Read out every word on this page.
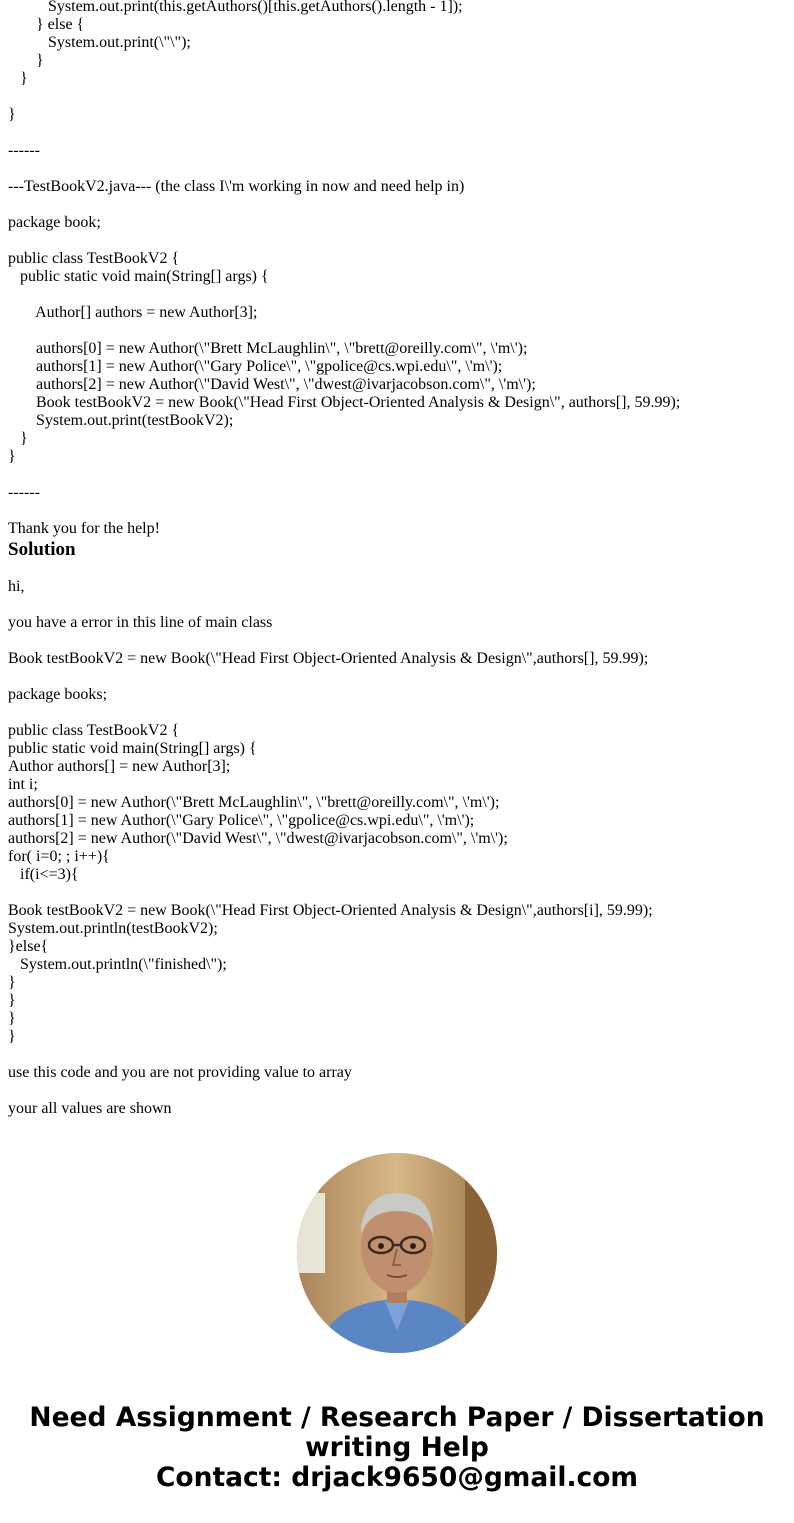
System.out.print(this.getAuthors()[this.getAuthors().length - 1]);
} else {
System.out.print(\"\");
}
}
}
------
---TestBookV2.java--- (the class I\'m working in now and need help in)
package book;
public class TestBookV2 {
public static void main(String[] args) {
Author[] authors = new Author[3];
authors[0] = new Author(\"Brett McLaughlin\", \"brett@oreilly.com\", \'m\');
authors[1] = new Author(\"Gary Police\", \"gpolice@cs.wpi.edu\", \'m\');
authors[2] = new Author(\"David West\", \"dwest@ivarjacobson.com\", \'m\');
Book testBookV2 = new Book(\"Head First Object-Oriented Analysis & Design\", authors[], 59.99);
System.out.print(testBookV2);
}
}
------
Thank you for the help!
Solution
hi,
you have a error in this line of main class
Book testBookV2 = new Book(\"Head First Object-Oriented Analysis & Design\",authors[], 59.99);
package books;
public class TestBookV2 {
public static void main(String[] args) {
Author authors[] = new Author[3];
int i;
authors[0] = new Author(\"Brett McLaughlin\", \"brett@oreilly.com\", \'m\');
authors[1] = new Author(\"Gary Police\", \"gpolice@cs.wpi.edu\", \'m\');
authors[2] = new Author(\"David West\", \"dwest@ivarjacobson.com\", \'m\');
for( i=0; ; i++){
if(i<=3){
Book testBookV2 = new Book(\"Head First Object-Oriented Analysis & Design\",authors[i], 59.99);
System.out.println(testBookV2);
}else{
System.out.println(\"finished\");
}
}
}
}
use this code and you are not providing value to array
your all values are shown
Need Assignment / Research Paper / Dissertation
writing Help
Contact: drjack9650@gmail.com
